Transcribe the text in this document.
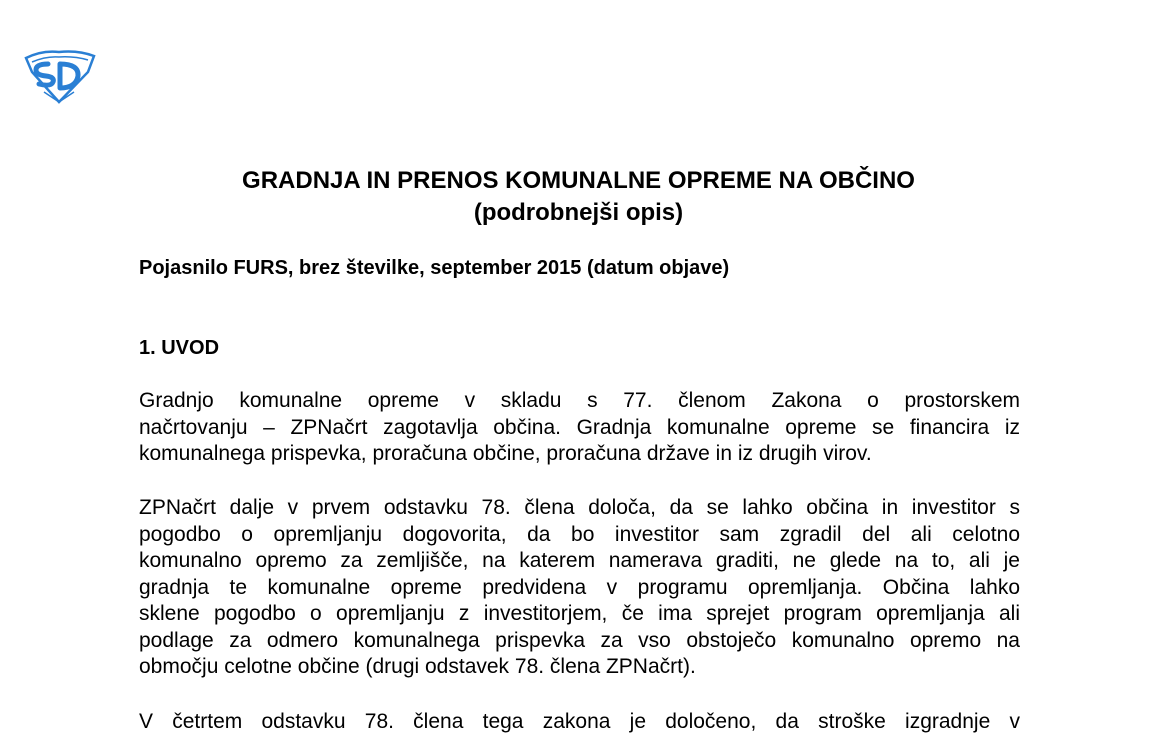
GRADNJA IN PRENOS KOMUNALNE OPREME NA OBČINO
(podrobnejši opis)

Pojasnilo FURS, brez številke, september 2015 (datum objave)

1. UVOD

Gradnjo komunalne opreme v skladu s 77. členom Zakona o prostorskem
načrtovanju – ZPNačrt zagotavlja občina. Gradnja komunalne opreme se financira iz
komunalnega prispevka, proračuna občine, proračuna države in iz drugih virov.
ZPNačrt dalje v prvem odstavku 78. člena določa, da se lahko občina in investitor s
pogodbo o opremljanju dogovorita, da bo investitor sam zgradil del ali celotno
komunalno opremo za zemljišče, na katerem namerava graditi, ne glede na to, ali je
gradnja te komunalne opreme predvidena v programu opremljanja. Občina lahko
sklene pogodbo o opremljanju z investitorjem, če ima sprejet program opremljanja ali
podlage za odmero komunalnega prispevka za vso obstoječo komunalno opremo na
območju celotne občine (drugi odstavek 78. člena ZPNačrt).
V četrtem odstavku 78. člena tega zakona je določeno, da stroške izgradnje v
